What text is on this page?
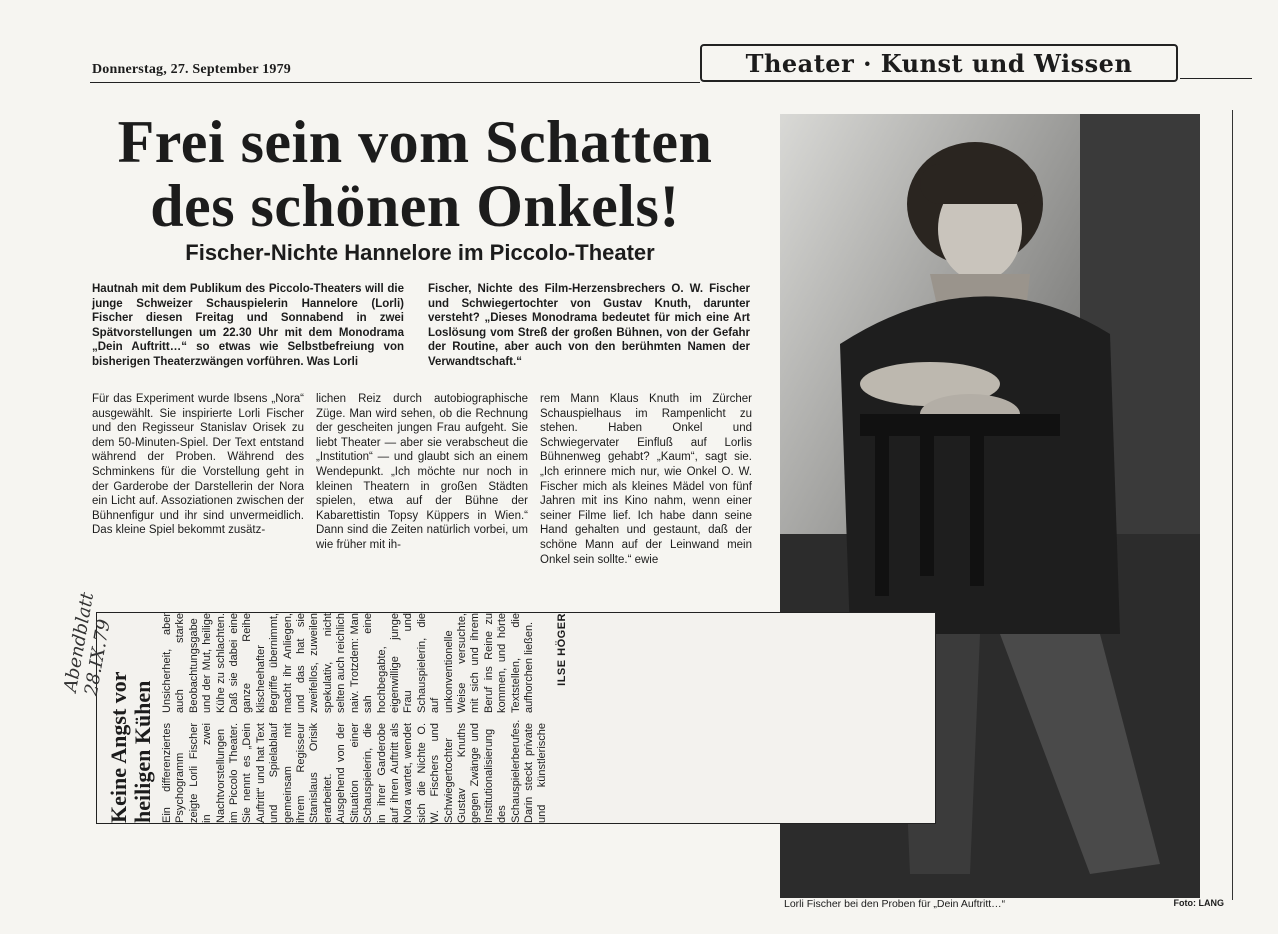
Donnerstag, 27. September 1979	Theater · Kunst und Wissen
Frei sein vom Schatten
des schönen Onkels!
Fischer-Nichte Hannelore im Piccolo-Theater
Hautnah mit dem Publikum des Piccolo-Theaters will die junge Schweizer Schauspielerin Hannelore (Lorli) Fischer diesen Freitag und Sonnabend in zwei Spätvorstellungen um 22.30 Uhr mit dem Monodrama „Dein Auftritt…“ so etwas wie Selbstbefreiung von bisherigen Theaterzwängen vorführen. Was Lorli
Fischer, Nichte des Film-Herzensbrechers O. W. Fischer und Schwiegertochter von Gustav Knuth, darunter versteht? „Dieses Monodrama bedeutet für mich eine Art Loslösung vom Streß der großen Bühnen, von der Gefahr der Routine, aber auch von den berühmten Namen der Verwandtschaft.“
Für das Experiment wurde Ibsens „Nora“ ausgewählt. Sie inspirierte Lorli Fischer und den Regisseur Stanislav Orisek zu dem 50-Minuten-Spiel. Der Text entstand während der Proben. Während des Schminkens für die Vorstellung geht in der Garderobe der Darstellerin der Nora ein Licht auf. Assoziationen zwischen der Bühnenfigur und ihr sind unvermeidlich. Das kleine Spiel bekommt zusätz-
lichen Reiz durch autobiographische Züge. Man wird sehen, ob die Rechnung der gescheiten jungen Frau aufgeht. Sie liebt Theater — aber sie verabscheut die „Institution“ — und glaubt sich an einem Wendepunkt. „Ich möchte nur noch in kleinen Theatern in großen Städten spielen, etwa auf der Bühne der Kabarettistin Topsy Küppers in Wien.“ Dann sind die Zeiten natürlich vorbei, um wie früher mit ih-
rem Mann Klaus Knuth im Zürcher Schauspielhaus im Rampenlicht zu stehen. Haben Onkel und Schwiegervater Einfluß auf Lorlis Bühnenweg gehabt? „Kaum“, sagt sie. „Ich erinnere mich nur, wie Onkel O. W. Fischer mich als kleines Mädel von fünf Jahren mit ins Kino nahm, wenn einer seiner Filme lief. Ich habe dann seine Hand gehalten und gestaunt, daß der schöne Mann auf der Leinwand mein Onkel sein sollte.“ ewie
Lorli Fischer bei den Proben für „Dein Auftritt…“	Foto: LANG
Keine Angst vor heiligen Kühen Ein differenziertes Psychogramm zeigte Lorli Fischer in zwei Nachtvorstellungen im Piccolo Theater. Sie nennt es „Dein Auftritt“ und hat Text und Spielablauf gemeinsam mit ihrem Regisseur Stanislaus Orisik erarbeitet. Ausgehend von der Situation einer Schauspielerin, die in ihrer Garderobe auf ihren Auftritt als Nora wartet, wendet sich die Nichte O. W. Fischers und Schwiegertochter Gustav Knuths gegen Zwänge und Institutionalisierung des Schauspielerberufes. Darin steckt private und künstlerische Unsicherheit, aber auch starke Beobachtungsgabe und der Mut, heilige Kühe zu schlachten. Daß sie dabei eine ganze Reihe klischeehafter Begriffe übernimmt, macht ihr Anliegen, und das hat sie zweifellos, zuweilen spekulativ, nicht selten auch reichlich naiv. Trotzdem: Man sah eine hochbegabte, eigenwillige junge Frau und Schauspielerin, die auf unkonventionelle Weise versuchte, mit sich und ihrem Beruf ins Reine zu kommen, und hörte Textstellen, die aufhorchen ließen.	ILSE HÖGER
Abendblatt 28.IX.79
